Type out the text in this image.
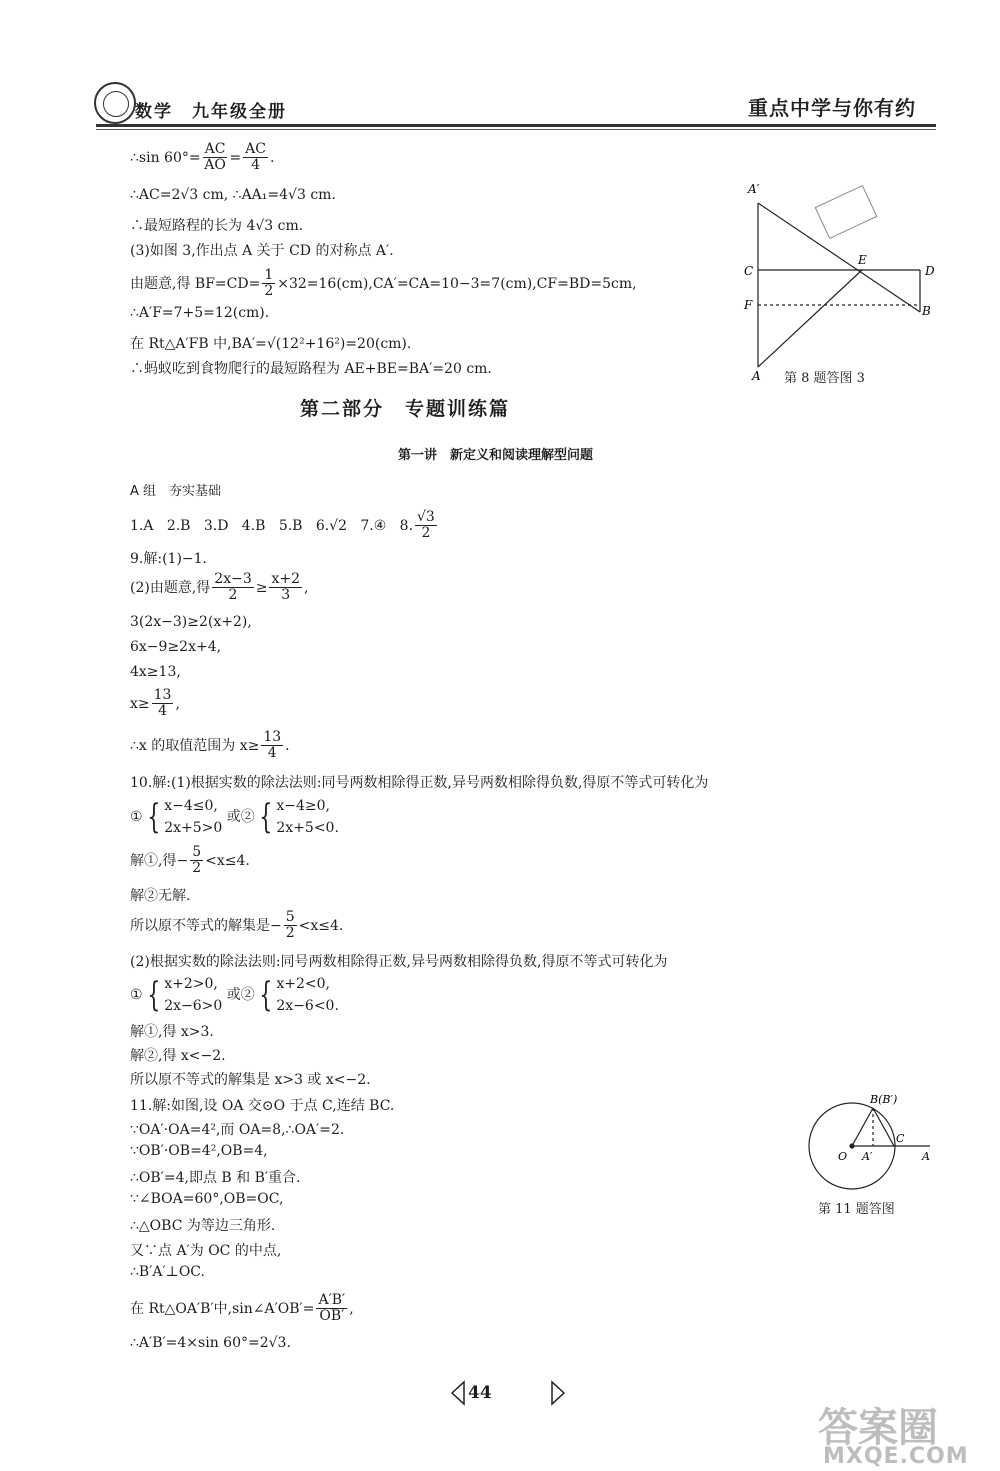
数学　九年级全册	重点中学与你有约
∴sin $60^\circ= \frac{AC}{AO} = \frac{AC}{4}$ .
∴AC=2√3 cm, ∴AA₁=4√3 cm.
∴最短路程的长为 4√3 cm.
(3)如图 3,作出点 A 关于 CD 的对称点 A′.
由题意,得 $BF=CD= \frac{1}{2} \times 32=16(cm),CA'=CA=10-3=7(cm),CF=BD=5cm$,
∴A′F=7+5=12(cm).
在 Rt△A′FB 中,BA′=√(12²+16²)=20(cm).
∴蚂蚁吃到食物爬行的最短路程为 AE+BE=BA′=20 cm.
A′
C
E
D
F	B
A 第 8 题答图 3
第二部分　专题训练篇
第一讲　新定义和阅读理解型问题
A 组　夯实基础
1.A 2.B 3.D 4.B 5.B 6.√2 7.④ 8. $\frac{√3}{2}$
9.解:(1)−1.
(2)由题意,得 $\frac{2x-3}{2} \ge \frac{x+2}{3}$ ,
3(2x−3)≥2(x+2),
6x−9≥2x+4,
4x≥13,
$x\ge \frac{13}{4}$ ,
∴x 的取值范围为 $x\ge \frac{13}{4}$ .
10.解:(1)根据实数的除法法则:同号两数相除得正数,异号两数相除得负数,得原不等式可转化为
① { x−4≤0,
2x+5>0 或② { x−4≥0,
2x+5<0.
解①,得− $\frac{5}{2} <x\le 4$.
解②无解.
所以原不等式的解集是− $\frac{5}{2} <x\le 4$.
(2)根据实数的除法法则:同号两数相除得正数,异号两数相除得负数,得原不等式可转化为
① { x+2>0,
2x−6>0 或② { x+2<0,
2x−6<0.
解①,得 x>3.
解②,得 x<−2.
所以原不等式的解集是 x>3 或 x<−2.
11.解:如图,设 OA 交⊙O 于点 C,连结 BC.
∵OA′·OA=4²,而 OA=8,∴OA′=2.
∵OB′·OB=4²,OB=4,
∴OB′=4,即点 B 和 B′重合.
∵∠BOA=60°,OB=OC,
∴△OBC 为等边三角形.
又∵点 A′为 OC 的中点,
∴B′A′⊥OC.
在 Rt△OA′B′中,sin∠A′OB′= $\frac{A'B'}{OB'}$ ,
∴A′B′=4×sin 60°=2√3.
B(B′)
C
O A′	A
第 11 题答图
44
答案圈
MXQE.COM
